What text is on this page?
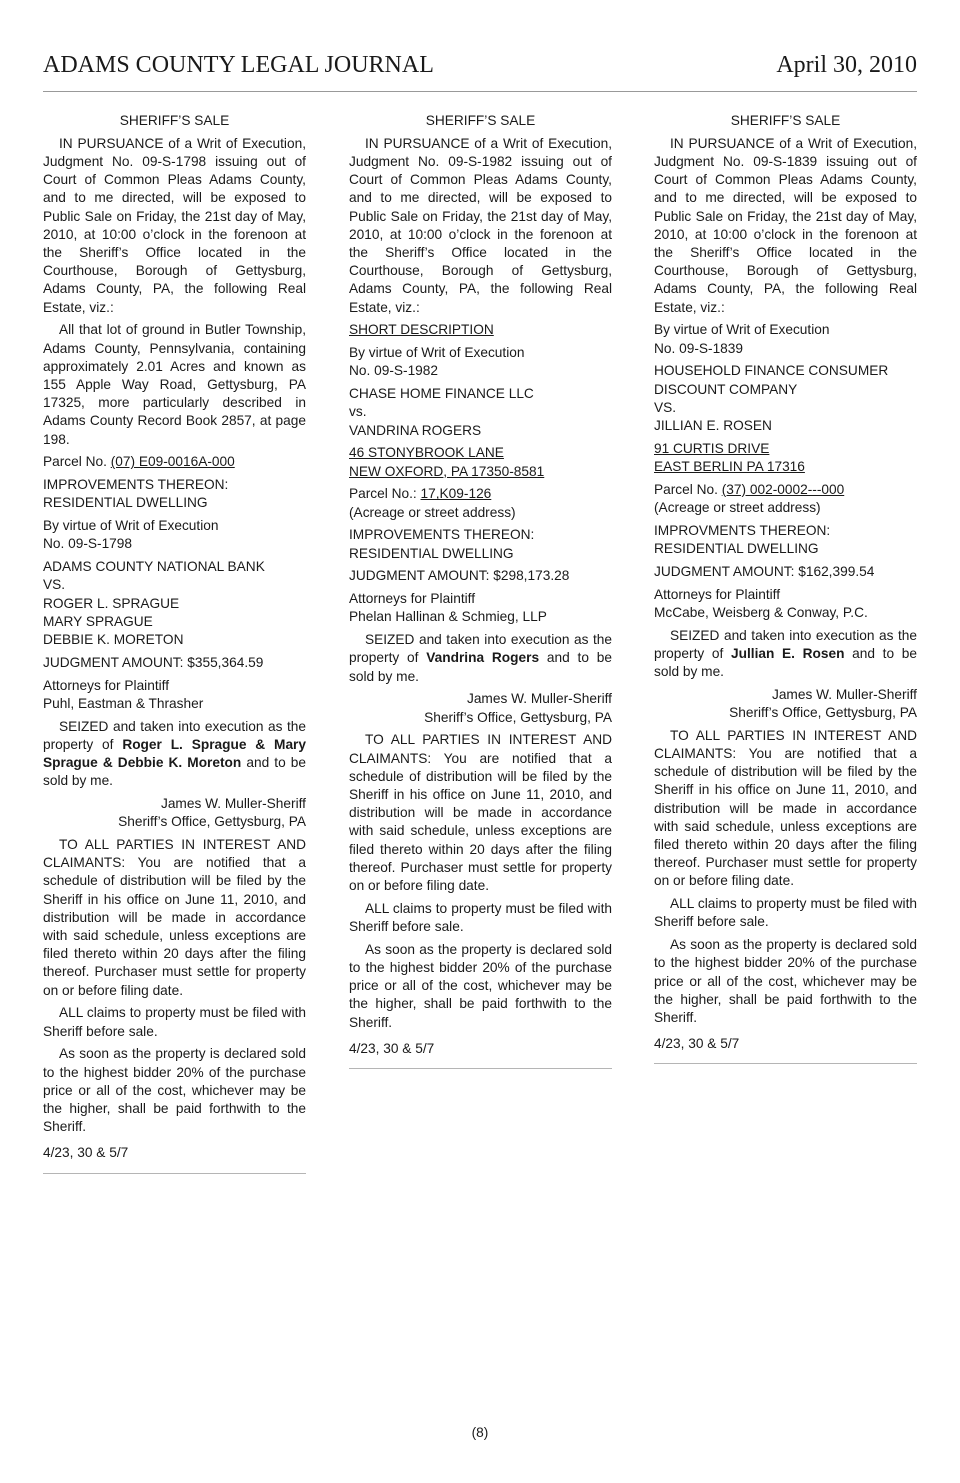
ADAMS COUNTY LEGAL JOURNAL	April 30, 2010

SHERIFF’S SALE

IN PURSUANCE of a Writ of Execution, Judgment No. 09-S-1798 issuing out of Court of Common Pleas Adams County, and to me directed, will be exposed to Public Sale on Friday, the 21st day of May, 2010, at 10:00 o’clock in the forenoon at the Sheriff’s Office located in the Courthouse, Borough of Gettysburg, Adams County, PA, the following Real Estate, viz.:

All that lot of ground in Butler Township, Adams County, Pennsylvania, containing approximately 2.01 Acres and known as 155 Apple Way Road, Gettysburg, PA 17325, more particularly described in Adams County Record Book 2857, at page 198.

Parcel No. (07) E09-0016A-000

IMPROVEMENTS THEREON:
RESIDENTIAL DWELLING

By virtue of Writ of Execution
No. 09-S-1798

ADAMS COUNTY NATIONAL BANK
VS.
ROGER L. SPRAGUE
MARY SPRAGUE
DEBBIE K. MORETON

JUDGMENT AMOUNT: $355,364.59

Attorneys for Plaintiff
Puhl, Eastman & Thrasher

SEIZED and taken into execution as the property of Roger L. Sprague & Mary Sprague & Debbie K. Moreton and to be sold by me.

James W. Muller-Sheriff
Sheriff’s Office, Gettysburg, PA

TO ALL PARTIES IN INTEREST AND CLAIMANTS: You are notified that a schedule of distribution will be filed by the Sheriff in his office on June 11, 2010, and distribution will be made in accordance with said schedule, unless exceptions are filed thereto within 20 days after the filing thereof. Purchaser must settle for property on or before filing date.

ALL claims to property must be filed with Sheriff before sale.

As soon as the property is declared sold to the highest bidder 20% of the purchase price or all of the cost, whichever may be the higher, shall be paid forthwith to the Sheriff.

4/23, 30 & 5/7

SHERIFF’S SALE

IN PURSUANCE of a Writ of Execution, Judgment No. 09-S-1982 issuing out of Court of Common Pleas Adams County, and to me directed, will be exposed to Public Sale on Friday, the 21st day of May, 2010, at 10:00 o’clock in the forenoon at the Sheriff’s Office located in the Courthouse, Borough of Gettysburg, Adams County, PA, the following Real Estate, viz.:

SHORT DESCRIPTION

By virtue of Writ of Execution
No. 09-S-1982

CHASE HOME FINANCE LLC
vs.
VANDRINA ROGERS

46 STONYBROOK LANE
NEW OXFORD, PA 17350-8581

Parcel No.: 17,K09-126
(Acreage or street address)

IMPROVEMENTS THEREON:
RESIDENTIAL DWELLING

JUDGMENT AMOUNT: $298,173.28

Attorneys for Plaintiff
Phelan Hallinan & Schmieg, LLP

SEIZED and taken into execution as the property of Vandrina Rogers and to be sold by me.

James W. Muller-Sheriff
Sheriff’s Office, Gettysburg, PA

TO ALL PARTIES IN INTEREST AND CLAIMANTS: You are notified that a schedule of distribution will be filed by the Sheriff in his office on June 11, 2010, and distribution will be made in accordance with said schedule, unless exceptions are filed thereto within 20 days after the filing thereof. Purchaser must settle for property on or before filing date.

ALL claims to property must be filed with Sheriff before sale.

As soon as the property is declared sold to the highest bidder 20% of the purchase price or all of the cost, whichever may be the higher, shall be paid forthwith to the Sheriff.

4/23, 30 & 5/7

SHERIFF’S SALE

IN PURSUANCE of a Writ of Execution, Judgment No. 09-S-1839 issuing out of Court of Common Pleas Adams County, and to me directed, will be exposed to Public Sale on Friday, the 21st day of May, 2010, at 10:00 o’clock in the forenoon at the Sheriff’s Office located in the Courthouse, Borough of Gettysburg, Adams County, PA, the following Real Estate, viz.:

By virtue of Writ of Execution
No. 09-S-1839

HOUSEHOLD FINANCE CONSUMER
DISCOUNT COMPANY
VS.
JILLIAN E. ROSEN

91 CURTIS DRIVE
EAST BERLIN PA 17316

Parcel No. (37) 002-0002---000
(Acreage or street address)

IMPROVMENTS THEREON:
RESIDENTIAL DWELLING

JUDGMENT AMOUNT: $162,399.54

Attorneys for Plaintiff
McCabe, Weisberg & Conway, P.C.

SEIZED and taken into execution as the property of Jullian E. Rosen and to be sold by me.

James W. Muller-Sheriff
Sheriff’s Office, Gettysburg, PA

TO ALL PARTIES IN INTEREST AND CLAIMANTS: You are notified that a schedule of distribution will be filed by the Sheriff in his office on June 11, 2010, and distribution will be made in accordance with said schedule, unless exceptions are filed thereto within 20 days after the filing thereof. Purchaser must settle for property on or before filing date.

ALL claims to property must be filed with Sheriff before sale.

As soon as the property is declared sold to the highest bidder 20% of the purchase price or all of the cost, whichever may be the higher, shall be paid forthwith to the Sheriff.

4/23, 30 & 5/7

(8)
